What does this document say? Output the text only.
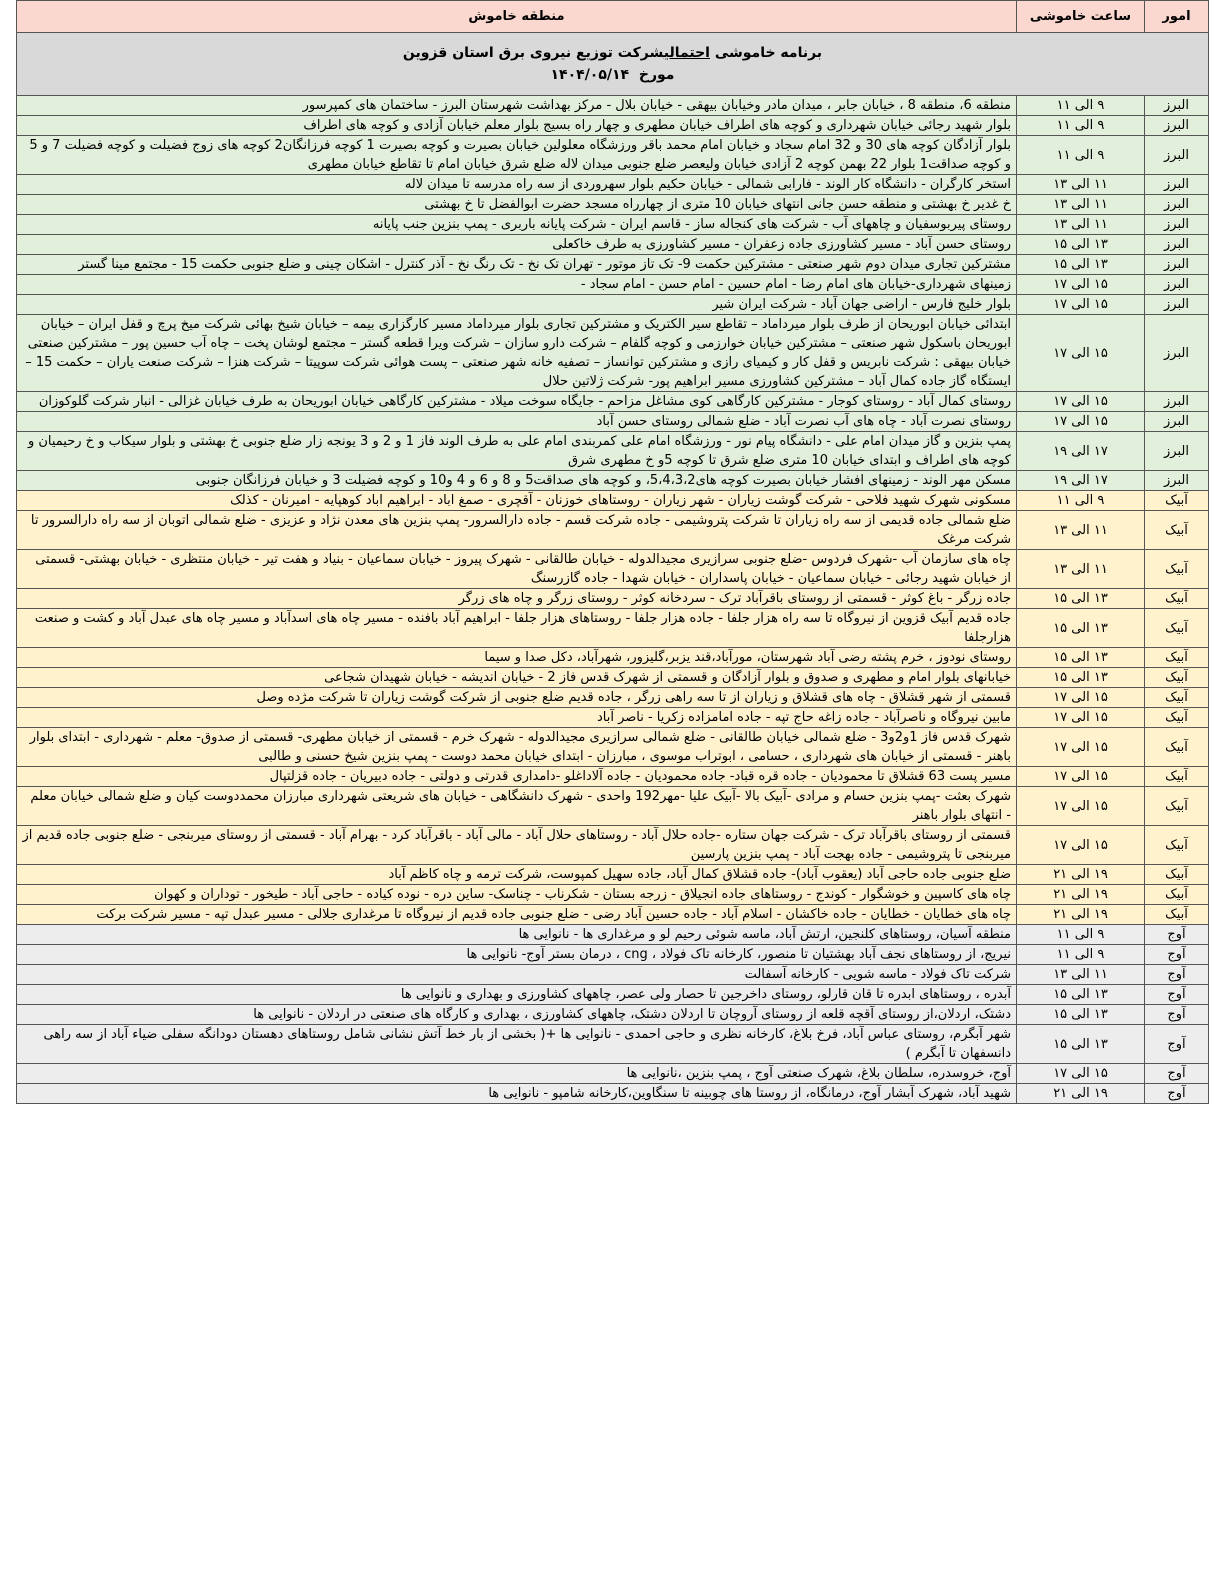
برنامه خاموشی احتمالیشرکت توزیع نیروی برق استان قزوین
مورخ  ۱۴۰۴/۰۵/۱۴		

امور	ساعت خاموشی	منطقه خاموش
البرز	۹ الی ۱۱	منطقه 6، منطقه 8 ، خیابان جابر ، میدان مادر وخیابان بیهقی - خیابان بلال - مرکز بهداشت شهرستان البرز - ساختمان های کمپرسور
البرز	۹ الی ۱۱	بلوار شهید رجائی خیابان شهرداری و کوچه های اطراف خیابان مطهری و چهار راه بسیج بلوار معلم خیابان آزادی و کوچه های اطراف
البرز	۹ الی ۱۱	بلوار آزادگان کوچه های 30 و 32 امام سجاد و خیابان امام محمد باقر ورزشگاه معلولین خیابان بصیرت و کوچه بصیرت 1 کوچه فرزانگان2 کوچه های زوج فضیلت و کوچه فضیلت 7 و 5 و کوچه صداقت1 بلوار 22 بهمن کوچه 2 آزادی خیابان ولیعصر ضلع جنوبی میدان لاله ضلع شرق خیابان امام تا تقاطع خیابان مطهری
البرز	۱۱ الی ۱۳	استخر کارگران - دانشگاه کار الوند - فارابی شمالی - خیابان حکیم بلوار سهروردی از سه راه مدرسه تا میدان لاله
البرز	۱۱ الی ۱۳	خ غدیر خ بهشتی و منطقه حسن جانی انتهای خیابان 10 متری از چهارراه مسجد حضرت ابوالفضل تا خ بهشتی
البرز	۱۱ الی ۱۳	روستای پیربوسفیان و چاههای آب - شرکت های کنجاله ساز - قاسم ایران - شرکت پایانه باربری - پمپ بنزین جنب پایانه
البرز	۱۳ الی ۱۵	روستای حسن آباد - مسیر کشاورزی جاده زعفران - مسیر کشاورزی به طرف خاکعلی
البرز	۱۳ الی ۱۵	مشترکین تجاری میدان دوم شهر صنعتی - مشترکین حکمت 9- تک تاز موتور - تهران تک نخ - تک رنگ نخ - آذر کنترل - اشکان چینی و ضلع جنوبی حکمت 15 - مجتمع مینا گستر
البرز	۱۵ الی ۱۷	زمینهای شهرداری-خیابان های امام رضا - امام حسین - امام حسن - امام سجاد -
البرز	۱۵ الی ۱۷	بلوار خلیج فارس - اراضی جهان آباد - شرکت ایران شیر
البرز	۱۵ الی ۱۷	ابتدائی خیابان ابوریحان از طرف بلوار میرداماد – تقاطع سیر الکتریک و مشترکین تجاری بلوار میرداماد مسیر کارگزاری بیمه – خیابان شیخ بهائی شرکت میخ پرچ و قفل ایران – خیابان ابوریحان باسکول شهر صنعتی – مشترکین خیابان خوارزمی و کوچه گلفام – شرکت دارو سازان – شرکت ویرا قطعه گستر – مجتمع لوشان پخت – چاه آب حسین پور – مشترکین صنعتی خیابان بیهقی : شرکت نابریس و قفل کار و کیمیای رازی و مشترکین توانساز – تصفیه خانه شهر صنعتی – پست هوائی شرکت سوپیتا – شرکت هنزا – شرکت صنعت یاران – حکمت 15 – ایستگاه گاز جاده کمال آباد – مشترکین کشاورزی مسیر ابراهیم پور- شرکت ژلاتین حلال
البرز	۱۵ الی ۱۷	روستای کمال آباد - روستای کوجار - مشترکین کارگاهی کوی مشاغل مزاحم - جایگاه سوخت میلاد - مشترکین کارگاهی خیابان ابوریحان به طرف خیابان غزالی - انبار شرکت گلوکوزان
البرز	۱۵ الی ۱۷	روستای نصرت آباد - چاه های آب نصرت آباد - ضلع شمالی روستای حسن آباد
البرز	۱۷ الی ۱۹	پمپ بنزین و گاز میدان امام علی - دانشگاه پیام نور - ورزشگاه امام علی کمربندی امام علی به طرف الوند فاز 1 و 2 و 3 یونجه زار ضلع جنوبی خ بهشتی و بلوار سیکاب و خ رحیمیان و کوچه های اطراف و ابتدای خیابان 10 متری ضلع شرق تا کوچه 5و خ مطهری شرق
البرز	۱۷ الی ۱۹	مسکن مهر الوند - زمینهای افشار خیابان بصیرت کوچه های5،4،3،2، و کوچه های صداقت5 و 8 و 6 و 4 و10 و کوچه فضیلت 3 و خیابان فرزانگان جنوبی
آبیک	۹ الی ۱۱	مسکونی شهرک شهید فلاحی - شرکت گوشت زیاران - شهر زیاران - روستاهای خوزنان - آقچری - صمغ اباد - ابراهیم اباد کوهپایه - امیرنان - کذلک
آبیک	۱۱ الی ۱۳	ضلع شمالی جاده قدیمی از سه راه زیاران تا شرکت پتروشیمی - جاده شرکت قسم - جاده دارالسرور- پمپ بنزین های معدن نژاد و عزیزی - ضلع شمالی اتوبان از سه راه دارالسرور تا شرکت مرغک
آبیک	۱۱ الی ۱۳	چاه های سازمان آب -شهرک فردوس -ضلع جنوبی سرازیری مجیدالدوله - خیابان طالقانی - شهرک پیروز - خیابان سماعیان - بنیاد و هفت تیر - خیابان منتظری - خیابان بهشتی- قسمتی از خیابان شهید رجائی - خیابان سماعیان - خیابان پاسداران - خیابان شهدا - جاده گازرسنگ
آبیک	۱۳ الی ۱۵	جاده زرگر - باغ کوثر - قسمتی از روستای باقرآباد ترک - سردخانه کوثر - روستای زرگر و چاه های زرگر
آبیک	۱۳ الی ۱۵	جاده قدیم آبیک قزوین از نیروگاه تا سه راه هزار جلفا - جاده هزار جلفا - روستاهای هزار جلفا - ابراهیم آباد بافنده - مسیر چاه های اسدآباد و مسیر چاه های عبدل آباد و کشت و صنعت هزارجلفا
آبیک	۱۳ الی ۱۵	روستای نودوز ، خرم پشته رضی آباد شهرستان، مورآباد،قند یزبر،گلیزور، شهرآباد، دکل صدا و سیما
آبیک	۱۳ الی ۱۵	خیابانهای بلوار امام و مطهری و صدوق و بلوار آزادگان و قسمتی از شهرک قدس فاز 2 - خیابان اندیشه - خیابان شهیدان شجاعی
آبیک	۱۵ الی ۱۷	قسمتی از شهر قشلاق - چاه های قشلاق و زیاران از تا سه راهی زرگر ، جاده قدیم ضلع جنوبی از شرکت گوشت زیاران تا شرکت مژده وصل
آبیک	۱۵ الی ۱۷	مابین نیروگاه و ناصرآباد - جاده زاغه حاج تپه - جاده امامزاده زکریا - ناصر آباد
آبیک	۱۵ الی ۱۷	شهرک قدس فاز 1و2و3 - ضلع شمالی خیابان طالقانی - ضلع شمالی سرازیری مجیدالدوله - شهرک خرم - قسمتی از خیابان مطهری- قسمتی از صدوق- معلم - شهرداری - ابتدای بلوار باهنر - قسمتی از خیابان های شهرداری ، حسامی ، ابوتراب موسوی ، مبارزان - ابتدای خیابان محمد دوست - پمپ بنزین شیخ حسنی و طالبی
آبیک	۱۵ الی ۱۷	مسیر پست 63 قشلاق تا محمودیان - جاده قره قباد- جاده محمودیان - جاده آلاداغلو -دامداری قدرتی و دولتی - جاده دبیریان - جاده قزلتپال
آبیک	۱۵ الی ۱۷	شهرک بعثت -پمپ بنزین حسام و مرادی -آبیک بالا -آبیک علیا -مهر192 واحدی - شهرک دانشگاهی - خیابان های شریعتی شهرداری مبارزان محمددوست کیان و ضلع شمالی خیابان معلم - انتهای بلوار باهنر
آبیک	۱۵ الی ۱۷	قسمتی از روستای باقرآباد ترک - شرکت جهان ستاره -جاده حلال آباد - روستاهای حلال آباد - مالی آباد - باقرآباد کرد - بهرام آباد - قسمتی از روستای میربنجی - ضلع جنوبی جاده قدیم از میربنجی تا پتروشیمی - جاده بهجت آباد - پمپ بنزین پارسین
آبیک	۱۹ الی ۲۱	ضلع جنوبی جاده حاجی آباد (یعقوب آباد)- جاده قشلاق کمال آباد، جاده سهیل کمپوست، شرکت ترمه و چاه کاظم آباد
آبیک	۱۹ الی ۲۱	چاه های کاسپین و خوشگوار - کوندج - روستاهای جاده انجیلاق - زرجه بستان - شکرناب - چناسک- ساین دره - نوده کیاده - حاجی آباد - طیخور - توداران و کهوان
آبیک	۱۹ الی ۲۱	چاه های خطایان - خطایان - جاده خاکشان - اسلام آباد - جاده حسین آباد رضی - ضلع جنوبی جاده قدیم از نیروگاه تا مرغداری جلالی - مسیر عبدل تپه - مسیر شرکت برکت
آوج	۹ الی ۱۱	منطقه آسیان، روستاهای کلنجین، ارتش آباد، ماسه شوئی رحیم لو و مرغداری ها - نانوایی ها
آوج	۹ الی ۱۱	نیریج، از روستاهای نجف آباد بهشتیان تا منصور، کارخانه تاک فولاد ، cng ، درمان بستر آوج- نانوایی ها
آوج	۱۱ الی ۱۳	شرکت تاک فولاد - ماسه شویی - کارخانه آسفالت
آوج	۱۳ الی ۱۵	آبدره ، روستاهای ابدره تا قان قارلو، روستای داخرجین تا حصار ولی عصر، چاههای کشاورزی و بهداری و نانوایی ها
آوج	۱۳ الی ۱۵	دشتک، اردلان،از روستای آقچه قلعه از روستای آروچان تا اردلان دشتک، چاههای کشاورزی ، بهداری و کارگاه های صنعتی در اردلان - نانوایی ها
آوج	۱۳ الی ۱۵	شهر آبگرم، روستای عباس آباد، فرخ بلاغ، کارخانه نظری و حاجی احمدی - نانوایی ها +( بخشی از بار خط آتش نشانی شامل روستاهای دهستان دودانگه سفلی ضیاء آباد از سه راهی دانسفهان تا آبگرم )
آوج	۱۵ الی ۱۷	آوج، خروسدره، سلطان بلاغ، شهرک صنعتی آوج ، پمپ بنزین ،نانوایی ها
آوج	۱۹ الی ۲۱	شهید آباد، شهرک آبشار آوج، درمانگاه، از روستا های چوبینه تا سنگاوین،کارخانه شامپو - نانوایی ها
